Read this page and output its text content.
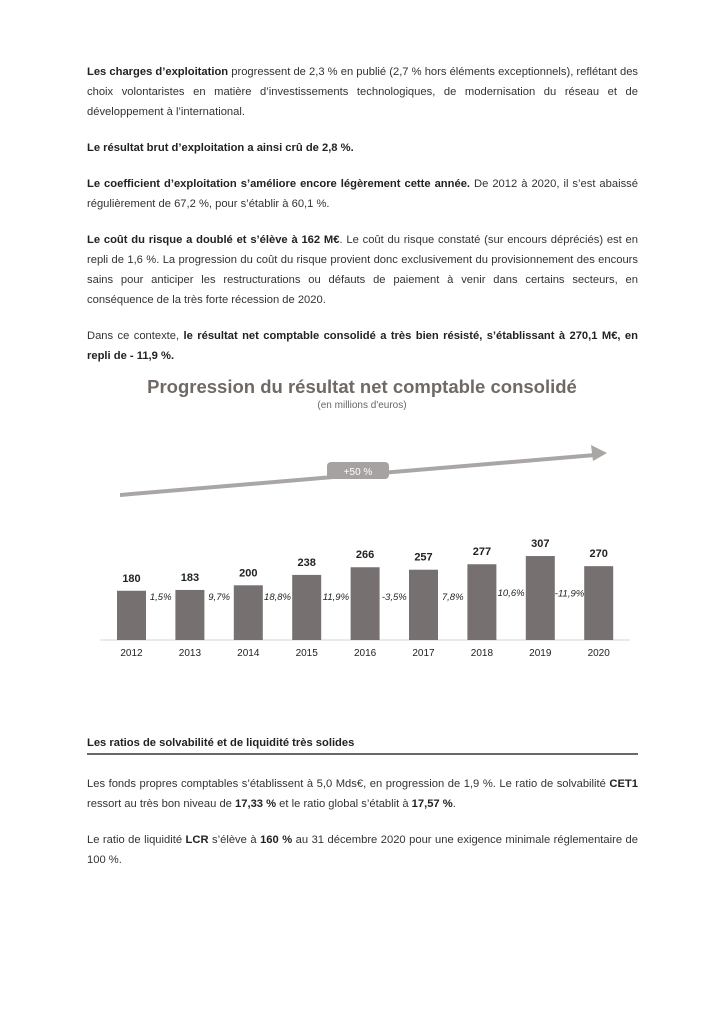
Les charges d’exploitation progressent de 2,3 % en publié (2,7 % hors éléments exceptionnels), reflétant des choix volontaristes en matière d’investissements technologiques, de modernisation du réseau et de développement à l’international.

Le résultat brut d’exploitation a ainsi crû de 2,8 %.

Le coefficient d’exploitation s’améliore encore légèrement cette année. De 2012 à 2020, il s’est abaissé régulièrement de 67,2 %, pour s’établir à 60,1 %.

Le coût du risque a doublé et s’élève à 162 M€. Le coût du risque constaté (sur encours dépréciés) est en repli de 1,6 %. La progression du coût du risque provient donc exclusivement du provisionnement des encours sains pour anticiper les restructurations ou défauts de paiement à venir dans certains secteurs, en conséquence de la très forte récession de 2020.

Dans ce contexte, le résultat net comptable consolidé a très bien résisté, s’établissant à 270,1 M€, en repli de - 11,9 %.

Progression du résultat net comptable consolidé
(en millions d'euros)
+50 %
180
2012
183
2013
200
2014
238
2015
266
2016
257
2017
277
2018
307
2019
270
2020
1,5%	9,7%	18,8%	11,9%	-3,5%	7,8%	10,6%	-11,9%
Les ratios de solvabilité et de liquidité très solides

Les fonds propres comptables s’établissent à 5,0 Mds€, en progression de 1,9 %. Le ratio de solvabilité CET1 ressort au très bon niveau de 17,33 % et le ratio global s’établit à 17,57 %.

Le ratio de liquidité LCR s’élève à 160 % au 31 décembre 2020 pour une exigence minimale réglementaire de 100 %.
